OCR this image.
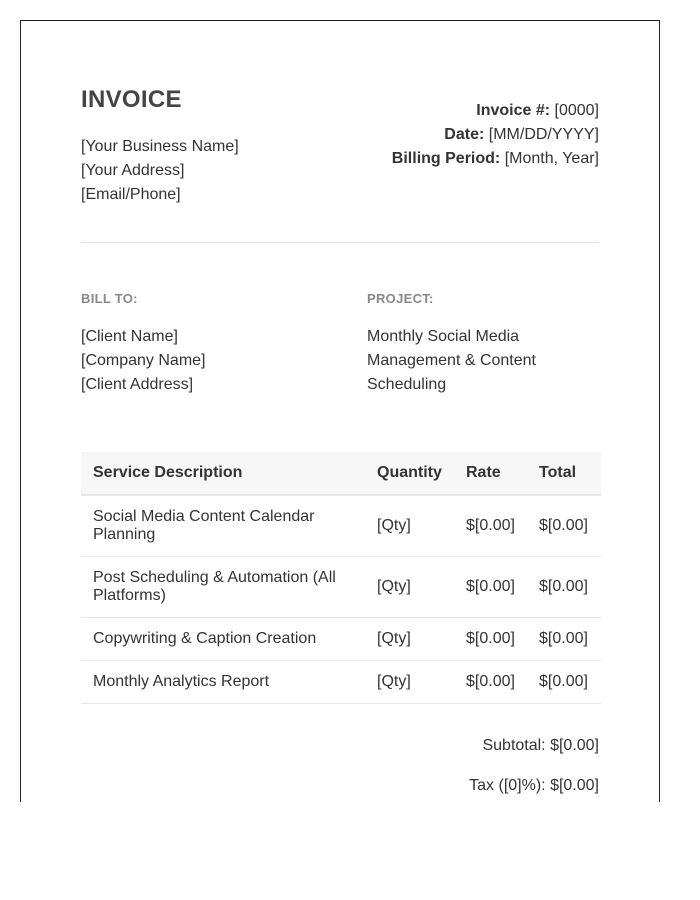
INVOICE
[Your Business Name]
[Your Address]
[Email/Phone]
Invoice #: [0000]
Date: [MM/DD/YYYY]
Billing Period: [Month, Year]
BILL TO:
[Client Name]
[Company Name]
[Client Address]
PROJECT:
Monthly Social Media
Management & Content
Scheduling
Service Description	Quantity	Rate	Total
Social Media Content Calendar Planning	[Qty]	$[0.00]	$[0.00]
Post Scheduling & Automation (All Platforms)	[Qty]	$[0.00]	$[0.00]
Copywriting & Caption Creation	[Qty]	$[0.00]	$[0.00]
Monthly Analytics Report	[Qty]	$[0.00]	$[0.00]
Subtotal: $[0.00]
Tax ([0]%): $[0.00]
